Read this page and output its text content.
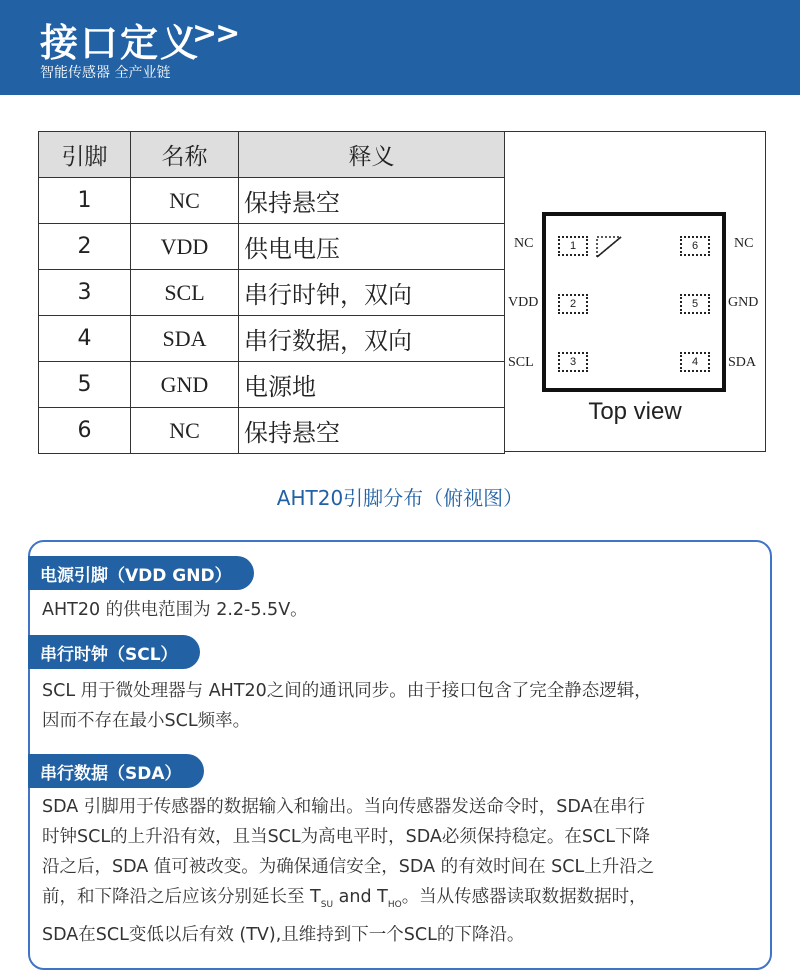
接口定义
>>
智能传感器 全产业链
引脚	名称	释义
1	NC	保持悬空
2	VDD	供电电压
3	SCL	串行时钟，双向
4	SDA	串行数据，双向
5	GND	电源地
6	NC	保持悬空
NC
VDD
SCL
NC
GND
SDA
1
2
3
6
5
4
Top view
AHT20引脚分布（俯视图）
电源引脚（VDD GND）
AHT20 的供电范围为 2.2-5.5V。
串行时钟（SCL）
SCL 用于微处理器与 AHT20之间的通讯同步。由于接口包含了完全静态逻辑，
因而不存在最小SCL频率。
串行数据（SDA）
SDA 引脚用于传感器的数据输入和输出。当向传感器发送命令时，SDA在串行
时钟SCL的上升沿有效，且当SCL为高电平时，SDA必须保持稳定。在SCL下降
沿之后，SDA 值可被改变。为确保通信安全，SDA 的有效时间在 SCL上升沿之
前，和下降沿之后应该分别延长至 $T_{SU}$ and $T_{HO}$。当从传感器读取数据数据时，
SDA在SCL变低以后有效 (TV),且维持到下一个SCL的下降沿。
